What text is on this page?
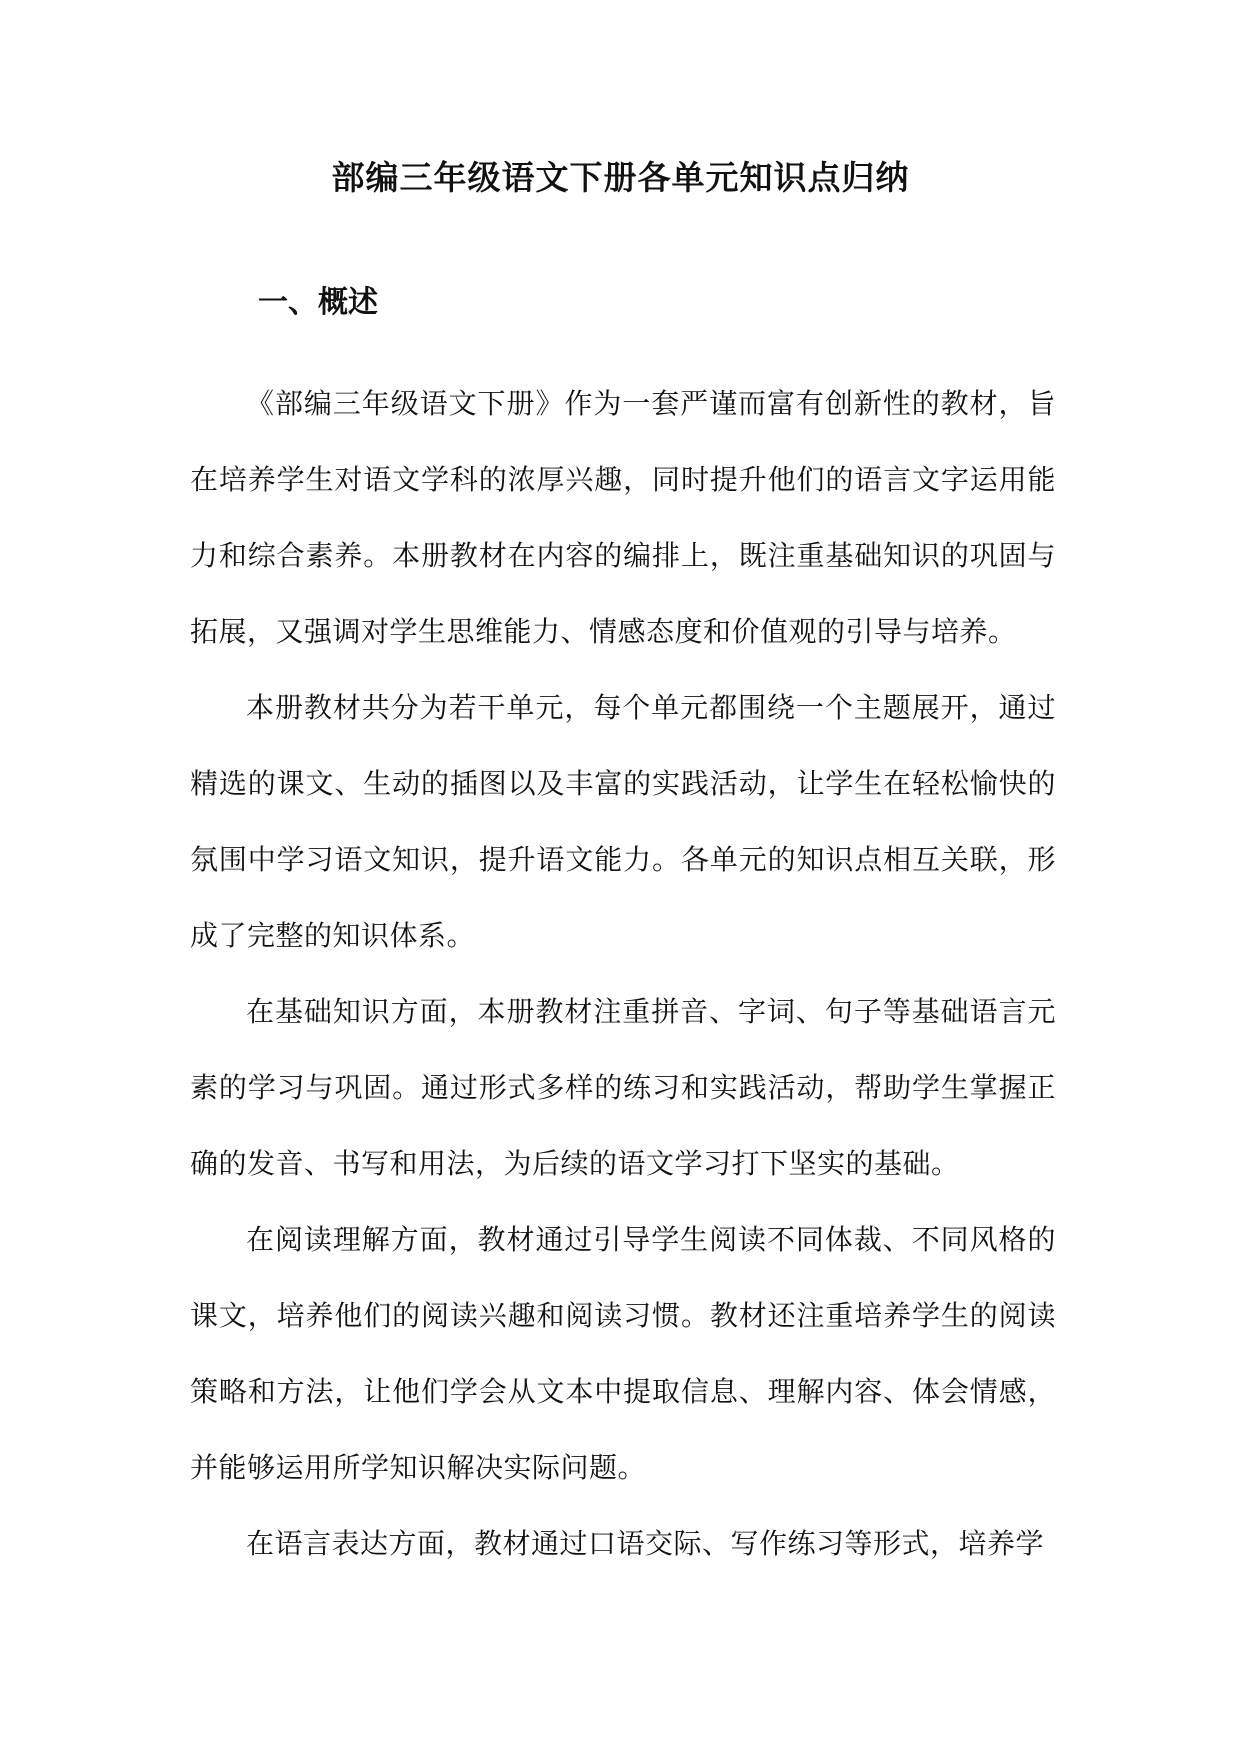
部编三年级语文下册各单元知识点归纳
一、概述

《部编三年级语文下册》作为一套严谨而富有创新性的教材，旨在培养学生对语文学科的浓厚兴趣，同时提升他们的语言文字运用能力和综合素养。本册教材在内容的编排上，既注重基础知识的巩固与拓展，又强调对学生思维能力、情感态度和价值观的引导与培养。

本册教材共分为若干单元，每个单元都围绕一个主题展开，通过精选的课文、生动的插图以及丰富的实践活动，让学生在轻松愉快的氛围中学习语文知识，提升语文能力。各单元的知识点相互关联，形成了完整的知识体系。

在基础知识方面，本册教材注重拼音、字词、句子等基础语言元素的学习与巩固。通过形式多样的练习和实践活动，帮助学生掌握正确的发音、书写和用法，为后续的语文学习打下坚实的基础。

在阅读理解方面，教材通过引导学生阅读不同体裁、不同风格的课文，培养他们的阅读兴趣和阅读习惯。教材还注重培养学生的阅读策略和方法，让他们学会从文本中提取信息、理解内容、体会情感，并能够运用所学知识解决实际问题。

在语言表达方面，教材通过口语交际、写作练习等形式，培养学
